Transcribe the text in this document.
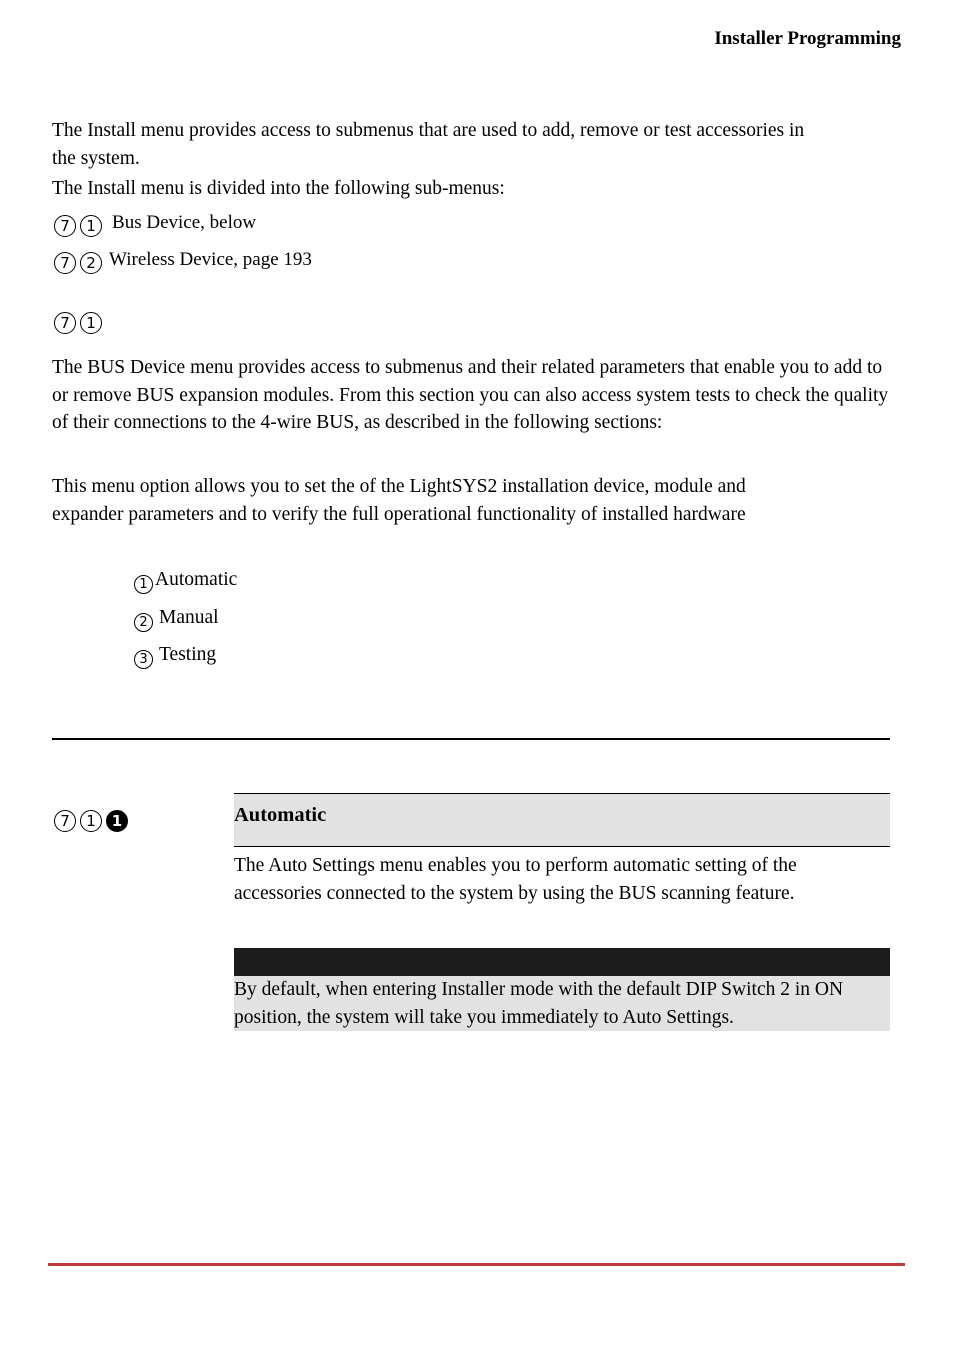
Installer Programming
The Install menu provides access to submenus that are used to add, remove or test accessories in the system.
The Install menu is divided into the following sub-menus:
7 1 Bus Device, below
7 2 Wireless Device, page 193
7 1
The BUS Device menu provides access to submenus and their related parameters that enable you to add to or remove BUS expansion modules. From this section you can also access system tests to check the quality of their connections to the 4-wire BUS, as described in the following sections:
This menu option allows you to set the of the LightSYS2 installation device, module and expander parameters and to verify the full operational functionality of installed hardware
1 Automatic
2 Manual
3 Testing
7 1 1	Automatic
The Auto Settings menu enables you to perform automatic setting of the accessories connected to the system by using the BUS scanning feature.
By default, when entering Installer mode with the default DIP Switch 2 in ON position, the system will take you immediately to Auto Settings.
